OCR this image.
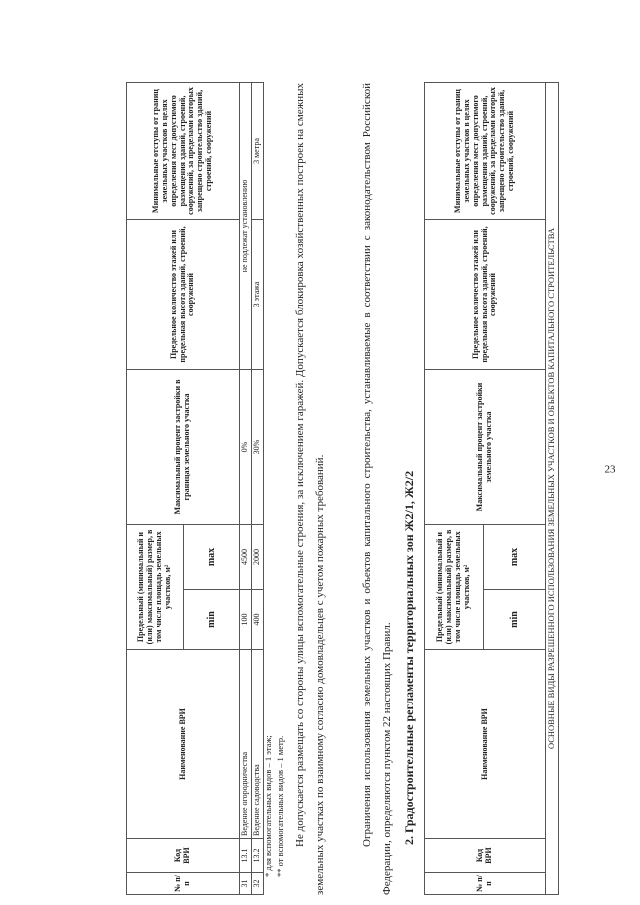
23
№ п/п	Код ВРИ	Наименование ВРИ	Предельный (минимальный и (или) максимальный) размер, в том числе площадь земельных участков, м²		Максимальный процент застройки в границах земельного участка	Предельное количество этажей или предельная высота зданий, строений, сооружений	Минимальные отступы от границ земельных участков в целях определения мест допустимого размещения зданий, строений, сооружений, за пределами которых запрещено строительство зданий, строений, сооружений
			min	max			
31	13.1	Ведение огородничества	100	4500	0%	не подлежат установлению	
32	13.2	Ведение садоводства	400	2000	30%	3 этажа	3 метра
* для вспомогательных видов – 1 этаж; ** от вспомогательных видов – 1 метр. Не допускается размещать со стороны улицы вспомогательные строения, за исключением гаражей. Допускается блокировка хозяйственных построек на смежных земельных участках по взаимному согласию домовладельцев с учетом пожарных требований.	Ограничения использования земельных участков и объектов капитального строительства, устанавливаемые в соответствии с законодательством Российской Федерации, определяются пунктом 22 настоящих Правил. 2. Градостроительные регламенты территориальных зон Ж2/1, Ж2/2
№ п/п	Код ВРИ	Наименование ВРИ	Предельный (минимальный и (или) максимальный) размер, в том числе площадь земельных участков, м²		Максимальный процент застройки земельного участка	Предельное количество этажей или предельная высота зданий, строений, сооружений	Минимальные отступы от границ земельных участков в целях определения мест допустимого размещения зданий, строений, сооружений, за пределами которых запрещено строительство зданий, строений, сооружений
			min	max			
ОСНОВНЫЕ ВИДЫ РАЗРЕШЕННОГО ИСПОЛЬЗОВАНИЯ ЗЕМЕЛЬНЫХ УЧАСТКОВ И ОБЪЕКТОВ КАПИТАЛЬНОГО СТРОИТЕЛЬСТВА							
